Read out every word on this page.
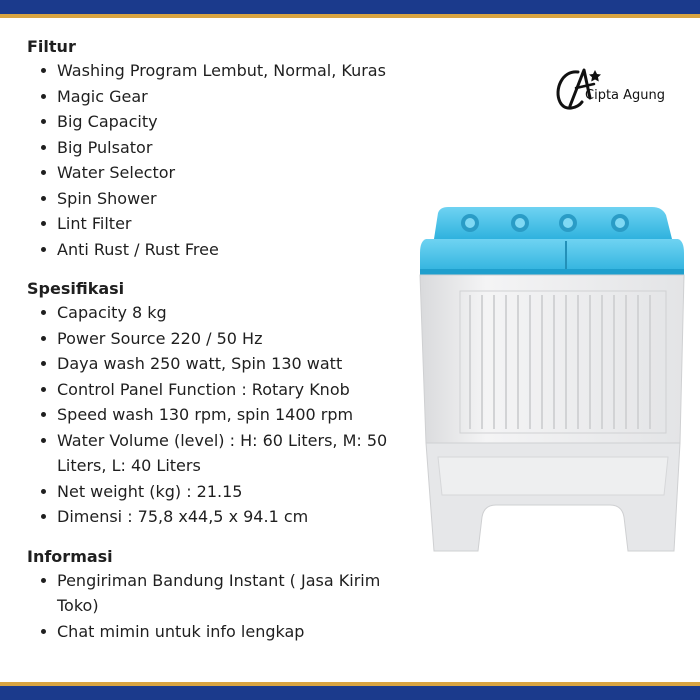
Filtur

Washing Program Lembut, Normal, Kuras
Magic Gear
Big Capacity
Big Pulsator
Water Selector
Spin Shower
Lint Filter
Anti Rust / Rust Free

Spesifikasi

Capacity 8 kg
Power Source 220 / 50 Hz
Daya wash 250 watt, Spin 130 watt
Control Panel Function : Rotary Knob
Speed wash 130 rpm, spin 1400 rpm
Water Volume (level) : H: 60 Liters, M: 50 Liters, L: 40 Liters
Net weight (kg) : 21.15
Dimensi : 75,8 x44,5 x 94.1 cm

Informasi

Pengiriman Bandung Instant ( Jasa Kirim Toko)
Chat mimin untuk info lengkap
Cipta Agung
